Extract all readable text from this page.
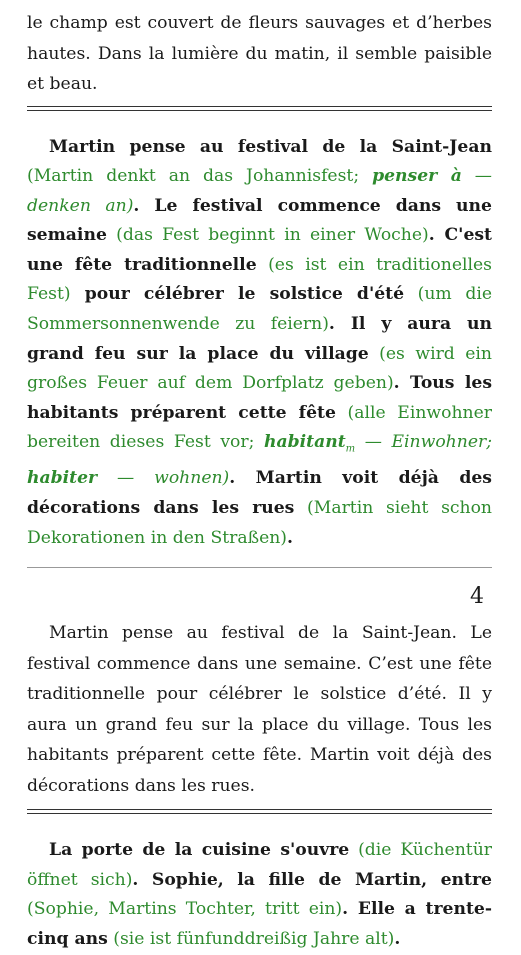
le champ est couvert de fleurs sauvages et d’herbes hautes. Dans la lumière du matin, il semble paisible et beau.

Martin pense au festival de la Saint-Jean (Martin denkt an das Johannisfest; penser à — denken an). Le festival commence dans une semaine (das Fest beginnt in einer Woche). C'est une fête traditionnelle (es ist ein traditionelles Fest) pour célébrer le solstice d'été (um die Sommersonnenwende zu feiern). Il y aura un grand feu sur la place du village (es wird ein großes Feuer auf dem Dorfplatz geben). Tous les habitants préparent cette fête (alle Einwohner bereiten dieses Fest vor; habitant$_m$ — Einwohner; habiter — wohnen). Martin voit déjà des décorations dans les rues (Martin sieht schon Dekorationen in den Straßen).

4

Martin pense au festival de la Saint-Jean. Le festival commence dans une semaine. C’est une fête traditionnelle pour célébrer le solstice d’été. Il y aura un grand feu sur la place du village. Tous les habitants préparent cette fête. Martin voit déjà des décorations dans les rues.

La porte de la cuisine s'ouvre (die Küchentür öffnet sich). Sophie, la fille de Martin, entre (Sophie, Martins Tochter, tritt ein). Elle a trente-cinq ans (sie ist fünfunddreißig Jahre alt).
